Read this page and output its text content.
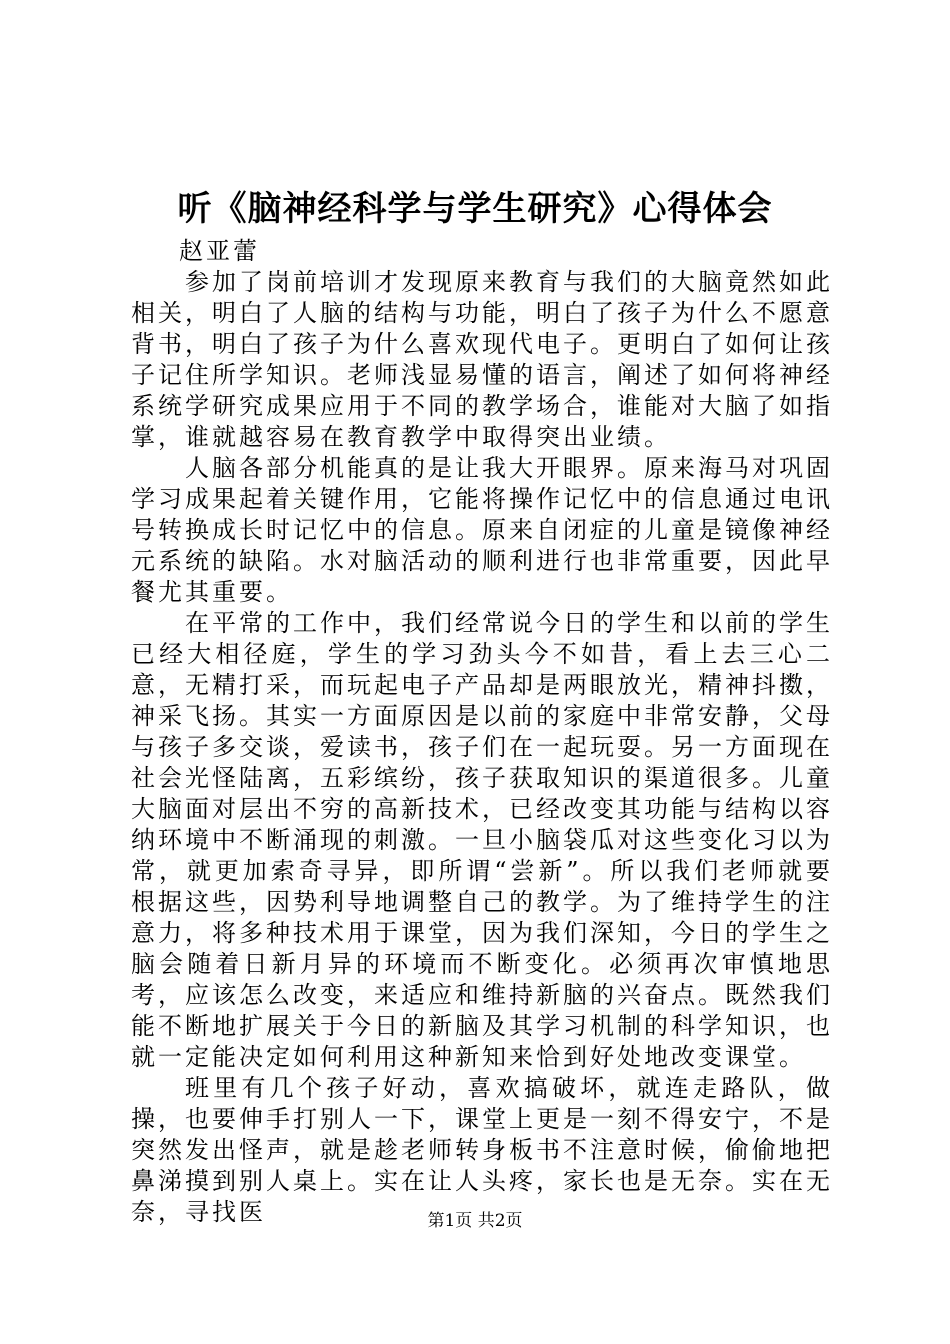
听《脑神经科学与学生研究》心得体会

赵亚蕾

参加了岗前培训才发现原来教育与我们的大脑竟然如此相关，明白了人脑的结构与功能，明白了孩子为什么不愿意背书，明白了孩子为什么喜欢现代电子。更明白了如何让孩子记住所学知识。老师浅显易懂的语言，阐述了如何将神经系统学研究成果应用于不同的教学场合，谁能对大脑了如指掌，谁就越容易在教育教学中取得突出业绩。

人脑各部分机能真的是让我大开眼界。原来海马对巩固学习成果起着关键作用，它能将操作记忆中的信息通过电讯号转换成长时记忆中的信息。原来自闭症的儿童是镜像神经元系统的缺陷。水对脑活动的顺利进行也非常重要，因此早餐尤其重要。

在平常的工作中，我们经常说今日的学生和以前的学生已经大相径庭，学生的学习劲头今不如昔，看上去三心二意，无精打采，而玩起电子产品却是两眼放光，精神抖擞，神采飞扬。其实一方面原因是以前的家庭中非常安静，父母与孩子多交谈，爱读书，孩子们在一起玩耍。另一方面现在社会光怪陆离，五彩缤纷，孩子获取知识的渠道很多。儿童大脑面对层出不穷的高新技术，已经改变其功能与结构以容纳环境中不断涌现的刺激。一旦小脑袋瓜对这些变化习以为常，就更加索奇寻异，即所谓“尝新”。所以我们老师就要根据这些，因势利导地调整自己的教学。为了维持学生的注意力，将多种技术用于课堂，因为我们深知，今日的学生之脑会随着日新月异的环境而不断变化。必须再次审慎地思考，应该怎么改变，来适应和维持新脑的兴奋点。既然我们能不断地扩展关于今日的新脑及其学习机制的科学知识，也就一定能决定如何利用这种新知来恰到好处地改变课堂。

班里有几个孩子好动，喜欢搞破坏，就连走路队，做操，也要伸手打别人一下，课堂上更是一刻不得安宁，不是突然发出怪声，就是趁老师转身板书不注意时候，偷偷地把鼻涕摸到别人桌上。实在让人头疼，家长也是无奈。实在无奈，寻找医	第1页 共2页
